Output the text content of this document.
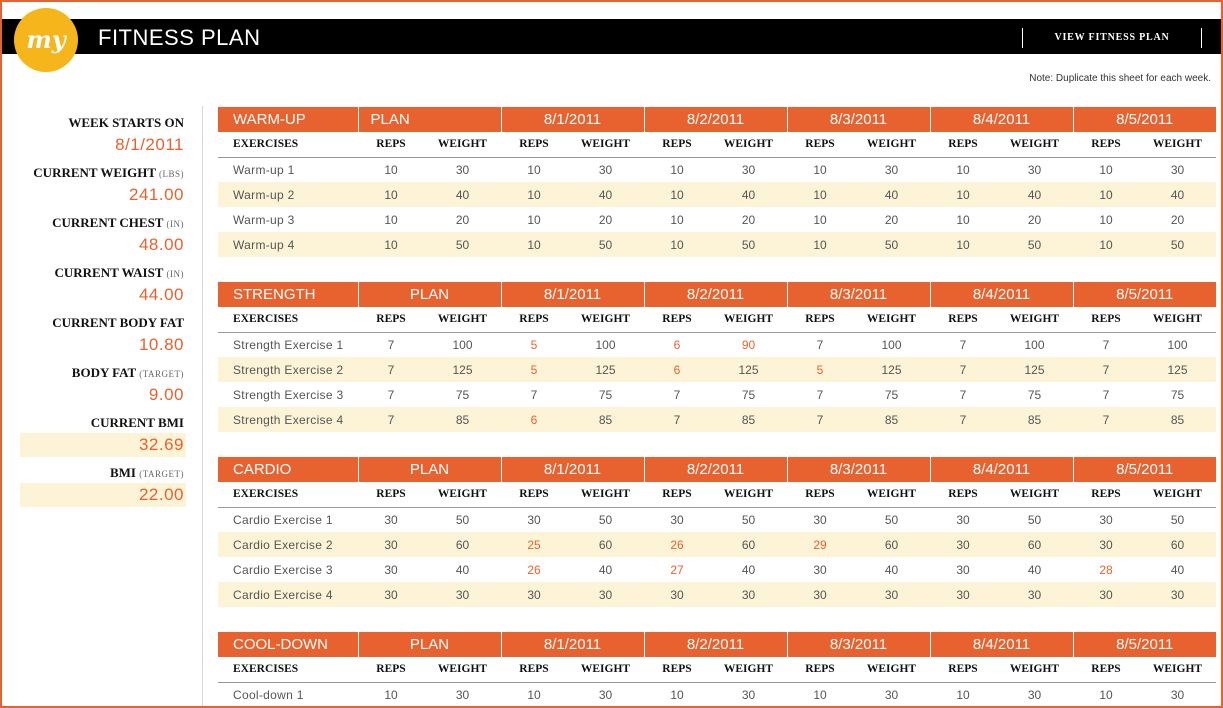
my	FITNESS PLAN	VIEW FITNESS PLAN
Note: Duplicate this sheet for each week.
WEEK STARTS ON
8/1/2011
CURRENT WEIGHT (LBS)
241.00
CURRENT CHEST (IN)
48.00
CURRENT WAIST (IN)
44.00
CURRENT BODY FAT
10.80
BODY FAT (TARGET)
9.00
CURRENT BMI
32.69
BMI (TARGET)
22.00
WARM-UP	PLAN		8/1/2011		8/2/2011		8/3/2011		8/4/2011		8/5/2011	
EXERCISES	REPS	WEIGHT	REPS	WEIGHT	REPS	WEIGHT	REPS	WEIGHT	REPS	WEIGHT	REPS	WEIGHT
Warm-up 1	10	30	10	30	10	30	10	30	10	30	10	30
Warm-up 2	10	40	10	40	10	40	10	40	10	40	10	40
Warm-up 3	10	20	10	20	10	20	10	20	10	20	10	20
Warm-up 4	10	50	10	50	10	50	10	50	10	50	10	50
STRENGTH	PLAN		8/1/2011		8/2/2011		8/3/2011		8/4/2011		8/5/2011	
EXERCISES	REPS	WEIGHT	REPS	WEIGHT	REPS	WEIGHT	REPS	WEIGHT	REPS	WEIGHT	REPS	WEIGHT
Strength Exercise 1	7	100	5	100	6	90	7	100	7	100	7	100
Strength Exercise 2	7	125	5	125	6	125	5	125	7	125	7	125
Strength Exercise 3	7	75	7	75	7	75	7	75	7	75	7	75
Strength Exercise 4	7	85	6	85	7	85	7	85	7	85	7	85
CARDIO	PLAN		8/1/2011		8/2/2011		8/3/2011		8/4/2011		8/5/2011	
EXERCISES	REPS	WEIGHT	REPS	WEIGHT	REPS	WEIGHT	REPS	WEIGHT	REPS	WEIGHT	REPS	WEIGHT
Cardio Exercise 1	30	50	30	50	30	50	30	50	30	50	30	50
Cardio Exercise 2	30	60	25	60	26	60	29	60	30	60	30	60
Cardio Exercise 3	30	40	26	40	27	40	30	40	30	40	28	40
Cardio Exercise 4	30	30	30	30	30	30	30	30	30	30	30	30
COOL-DOWN	PLAN		8/1/2011		8/2/2011		8/3/2011		8/4/2011		8/5/2011	
EXERCISES	REPS	WEIGHT	REPS	WEIGHT	REPS	WEIGHT	REPS	WEIGHT	REPS	WEIGHT	REPS	WEIGHT
Cool-down 1	10	30	10	30	10	30	10	30	10	30	10	30
